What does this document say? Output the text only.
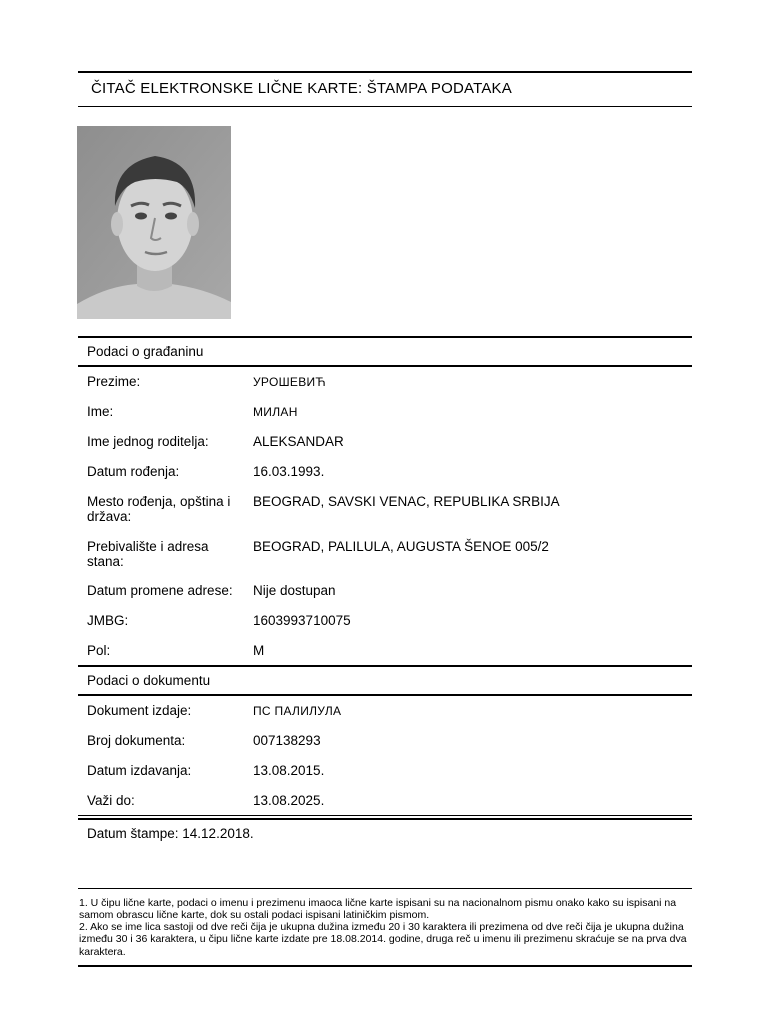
ČITAČ ELEKTRONSKE LIČNE KARTE: ŠTAMPA PODATAKA
Podaci o građaninu
Prezime:	УРОШЕВИЋ
Ime:	МИЛАН
Ime jednog roditelja:	ALEKSANDAR
Datum rođenja:	16.03.1993.
Mesto rođenja, opština i država:
BEOGRAD, SAVSKI VENAC, REPUBLIKA SRBIJA
Prebivalište i adresa stana:
BEOGRAD, PALILULA, AUGUSTA ŠENOE 005/2
Datum promene adrese: Nije dostupan
JMBG:	1603993710075
Pol:	M
Podaci o dokumentu
Dokument izdaje:	ПС ПАЛИЛУЛА
Broj dokumenta:	007138293
Datum izdavanja:	13.08.2015.
Važi do:	13.08.2025.
Datum štampe: 14.12.2018.
1. U čipu lične karte, podaci o imenu i prezimenu imaoca lične karte ispisani su na nacionalnom pismu onako kako su ispisani na samom obrascu lične karte, dok su ostali podaci ispisani latiničkim pismom.
2. Ako se ime lica sastoji od dve reči čija je ukupna dužina između 20 i 30 karaktera ili prezimena od dve reči čija je ukupna dužina između 30 i 36 karaktera, u čipu lične karte izdate pre 18.08.2014. godine, druga reč u imenu ili prezimenu skraćuje se na prva dva karaktera.
